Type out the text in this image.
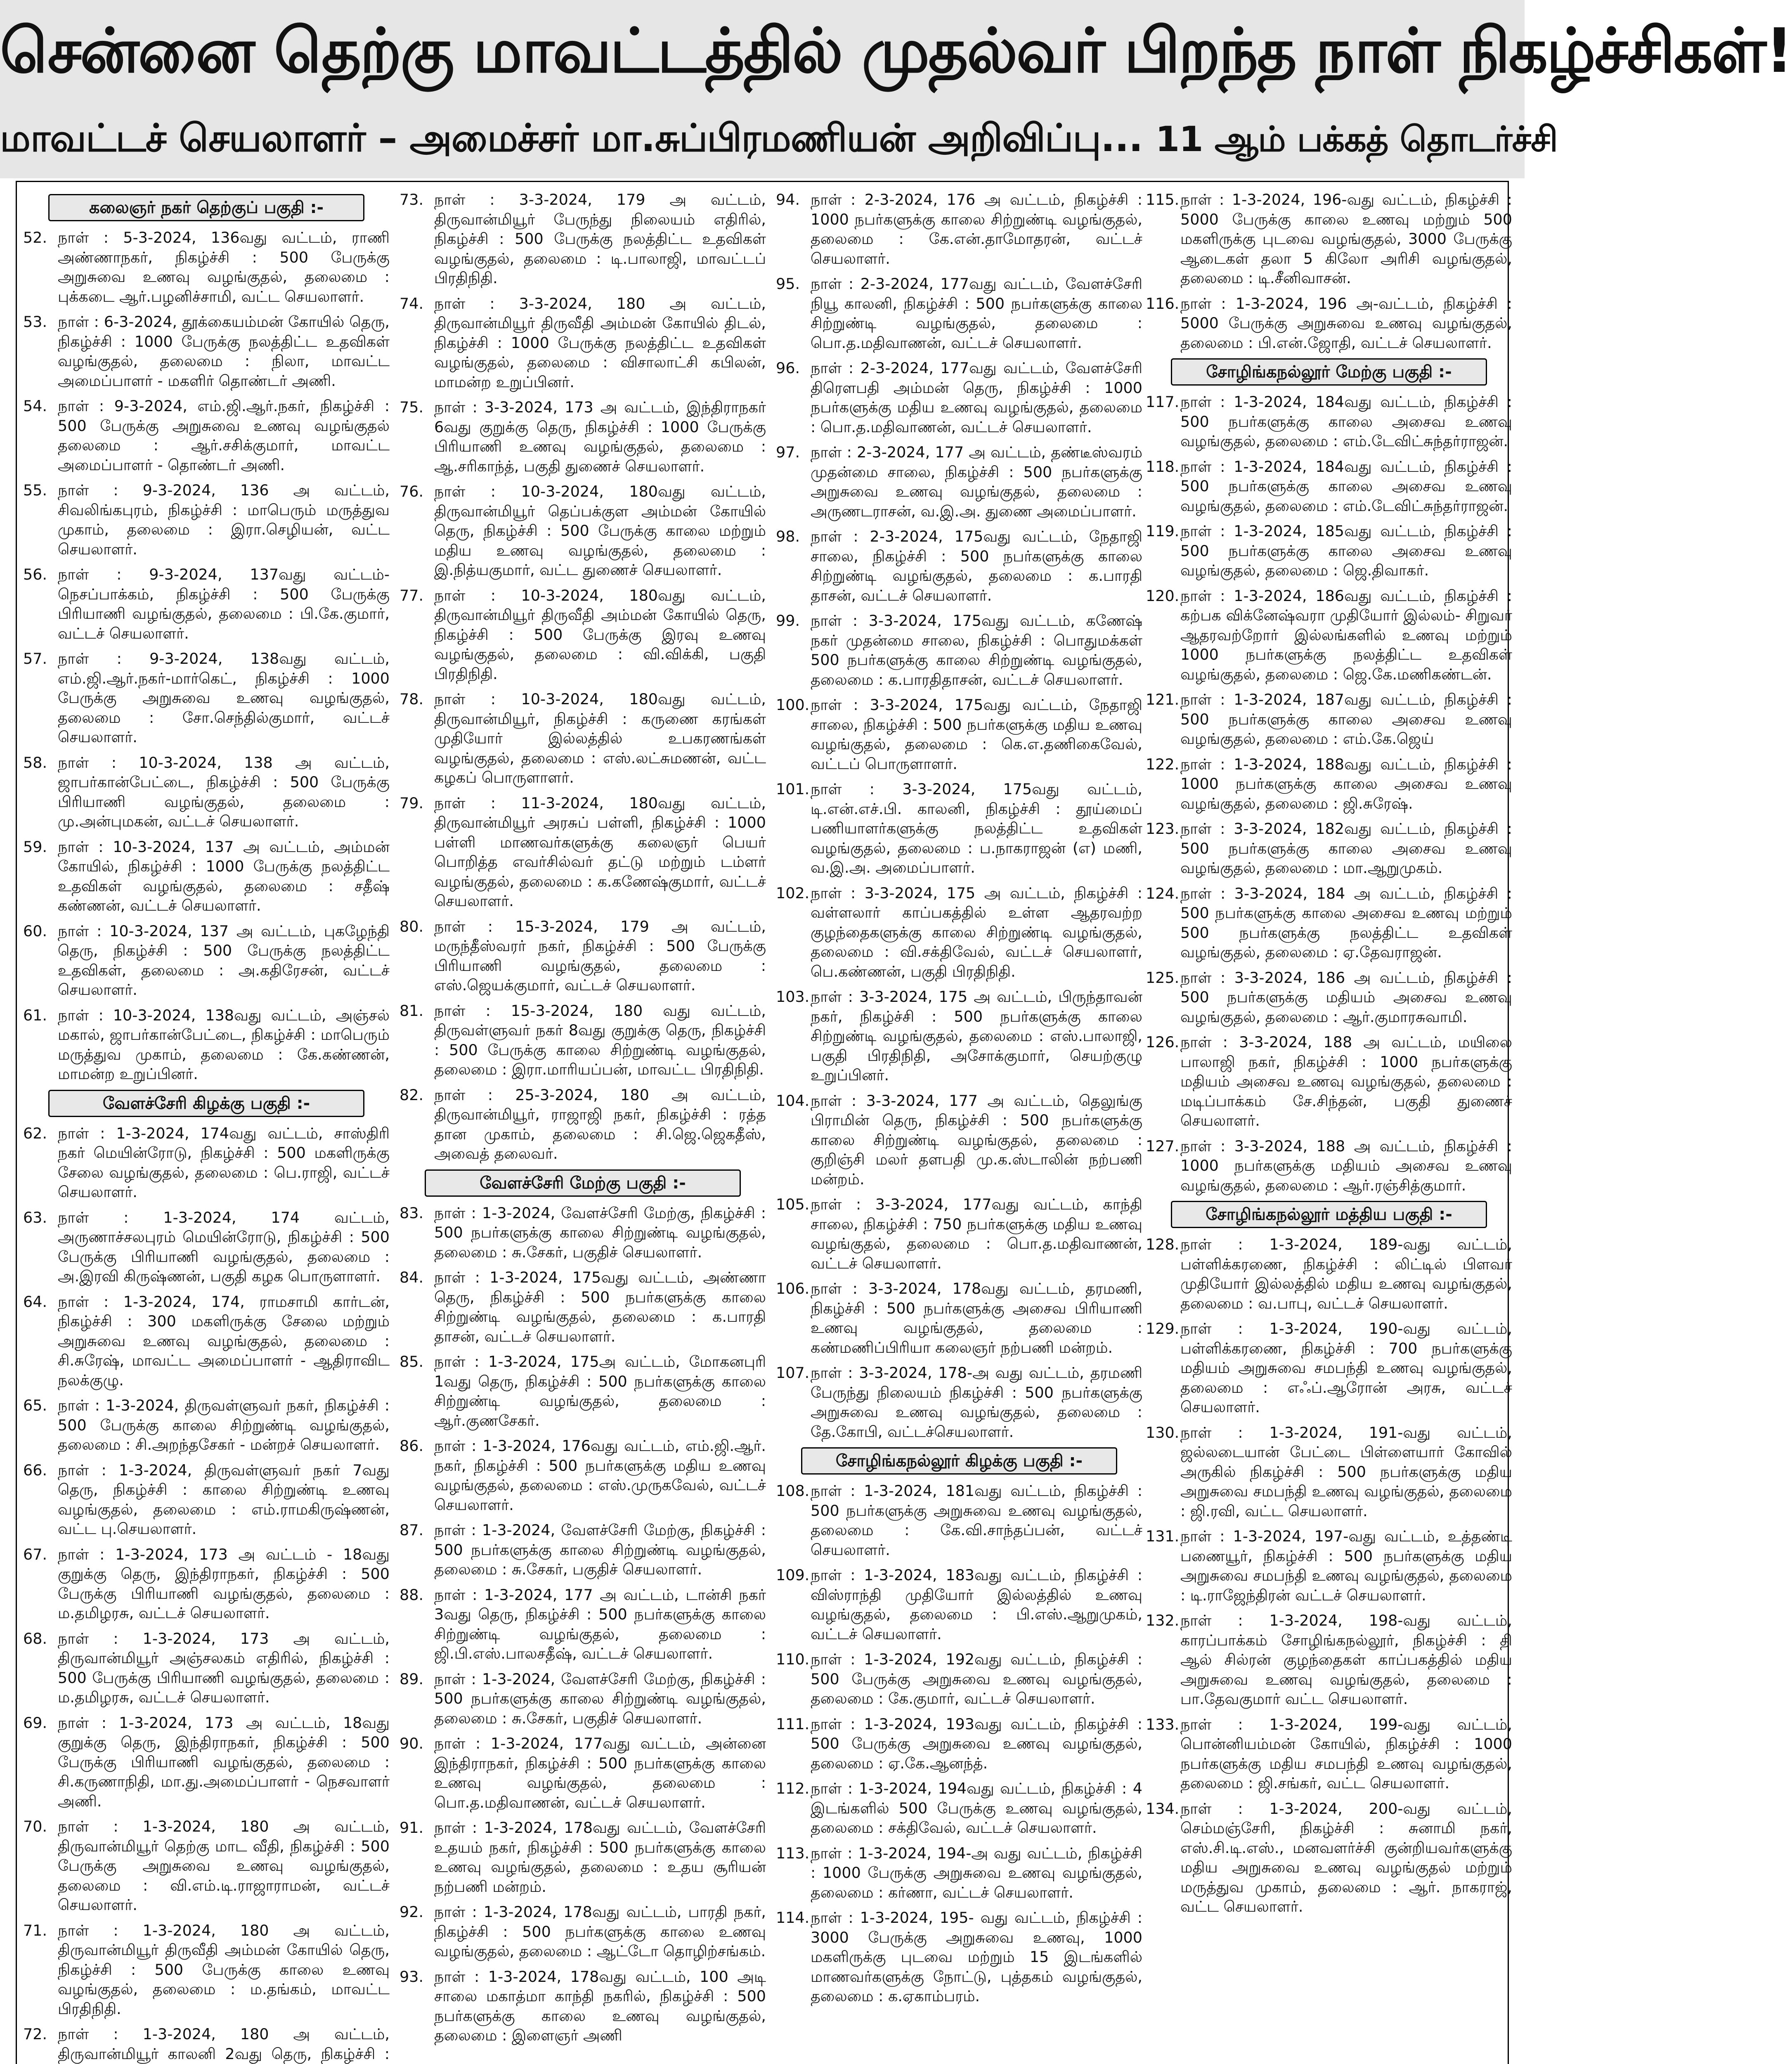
சென்னை தெற்கு மாவட்டத்தில் முதல்வர் பிறந்த நாள் நிகழ்ச்சிகள்!
மாவட்டச் செயலாளர் – அமைச்சர் மா.சுப்பிரமணியன் அறிவிப்பு... 11 ஆம் பக்கத் தொடர்ச்சி
கலைஞர் நகர் தெற்குப் பகுதி :-
52. நாள் : 5-3-2024, 136வது வட்டம், ராணி அண்ணாநகர், நிகழ்ச்சி : 500 பேருக்கு அறுசுவை உணவு வழங்குதல், தலைமை : புக்கடை ஆர்.பழனிச்சாமி, வட்ட செயலாளர்.
53. நாள் : 6-3-2024, தூக்கையம்மன் கோயில் தெரு, நிகழ்ச்சி : 1000 பேருக்கு நலத்திட்ட உதவிகள் வழங்குதல், தலைமை : நிலா, மாவட்ட அமைப்பாளர் - மகளிர் தொண்டர் அணி.
54. நாள் : 9-3-2024, எம்.ஜி.ஆர்.நகர், நிகழ்ச்சி : 500 பேருக்கு அறுசுவை உணவு வழங்குதல் தலைமை : ஆர்.சசிக்குமார், மாவட்ட அமைப்பாளர் - தொண்டர் அணி.
55. நாள் : 9-3-2024, 136 அ வட்டம், சிவலிங்கபுரம், நிகழ்ச்சி : மாபெரும் மருத்துவ முகாம், தலைமை : இரா.செழியன், வட்ட செயலாளர்.
56. நாள் : 9-3-2024, 137வது வட்டம்- நெசப்பாக்கம், நிகழ்ச்சி : 500 பேருக்கு பிரியாணி வழங்குதல், தலைமை : பி.கே.குமார், வட்டச் செயலாளர்.
57. நாள் : 9-3-2024, 138வது வட்டம், எம்.ஜி.ஆர்.நகர்-மார்கெட், நிகழ்ச்சி : 1000 பேருக்கு அறுசுவை உணவு வழங்குதல், தலைமை : சோ.செந்தில்குமார், வட்டச் செயலாளர்.
58. நாள் : 10-3-2024, 138 அ வட்டம், ஜாபர்கான்பேட்டை, நிகழ்ச்சி : 500 பேருக்கு பிரியாணி வழங்குதல், தலைமை : மு.அன்புமகன், வட்டச் செயலாளர்.
59. நாள் : 10-3-2024, 137 அ வட்டம், அம்மன் கோயில், நிகழ்ச்சி : 1000 பேருக்கு நலத்திட்ட உதவிகள் வழங்குதல், தலைமை : சதீஷ் கண்ணன், வட்டச் செயலாளர்.
60. நாள் : 10-3-2024, 137 அ வட்டம், புகழேந்தி தெரு, நிகழ்ச்சி : 500 பேருக்கு நலத்திட்ட உதவிகள், தலைமை : அ.கதிரேசன், வட்டச் செயலாளர்.
61. நாள் : 10-3-2024, 138வது வட்டம், அஞ்சல் மகால், ஜாபர்கான்பேட்டை, நிகழ்ச்சி : மாபெரும் மருத்துவ முகாம், தலைமை : கே.கண்ணன், மாமன்ற உறுப்பினர்.
வேளச்சேரி கிழக்கு பகுதி :-
62. நாள் : 1-3-2024, 174வது வட்டம், சாஸ்திரி நகர் மெயின்ரோடு, நிகழ்ச்சி : 500 மகளிருக்கு சேலை வழங்குதல், தலைமை : பெ.ராஜி, வட்டச் செயலாளர்.
63. நாள் : 1-3-2024, 174 வட்டம், அருணாச்சலபுரம் மெயின்ரோடு, நிகழ்ச்சி : 500 பேருக்கு பிரியாணி வழங்குதல், தலைமை : அ.இரவி கிருஷ்ணன், பகுதி கழக பொருளாளர்.
64. நாள் : 1-3-2024, 174, ராமசாமி கார்டன், நிகழ்ச்சி : 300 மகளிருக்கு சேலை மற்றும் அறுசுவை உணவு வழங்குதல், தலைமை : சி.சுரேஷ், மாவட்ட அமைப்பாளர் - ஆதிராவிட நலக்குழு.
65. நாள் : 1-3-2024, திருவள்ளுவர் நகர், நிகழ்ச்சி : 500 பேருக்கு காலை சிற்றுண்டி வழங்குதல், தலைமை : சி.அறந்தசேகர் - மன்றச் செயலாளர்.
66. நாள் : 1-3-2024, திருவள்ளுவர் நகர் 7வது தெரு, நிகழ்ச்சி : காலை சிற்றுண்டி உணவு வழங்குதல், தலைமை : எம்.ராமகிருஷ்ணன், வட்ட பு.செயலாளர்.
67. நாள் : 1-3-2024, 173 அ வட்டம் - 18வது குறுக்கு தெரு, இந்திராநகர், நிகழ்ச்சி : 500 பேருக்கு பிரியாணி வழங்குதல், தலைமை : ம.தமிழரசு, வட்டச் செயலாளர்.
68. நாள் : 1-3-2024, 173 அ வட்டம், திருவான்மியூர் அஞ்சலகம் எதிரில், நிகழ்ச்சி : 500 பேருக்கு பிரியாணி வழங்குதல், தலைமை : ம.தமிழரசு, வட்டச் செயலாளர்.
69. நாள் : 1-3-2024, 173 அ வட்டம், 18வது குறுக்கு தெரு, இந்திராநகர், நிகழ்ச்சி : 500 பேருக்கு பிரியாணி வழங்குதல், தலைமை : சி.கருணாநிதி, மா.து.அமைப்பாளர் - நெசவாளர் அணி.
70. நாள் : 1-3-2024, 180 அ வட்டம், திருவான்மியூர் தெற்கு மாட வீதி, நிகழ்ச்சி : 500 பேருக்கு அறுசுவை உணவு வழங்குதல், தலைமை : வி.எம்.டி.ராஜாராமன், வட்டச் செயலாளர்.
71. நாள் : 1-3-2024, 180 அ வட்டம், திருவான்மியூர் திருவீதி அம்மன் கோயில் தெரு, நிகழ்ச்சி : 500 பேருக்கு காலை உணவு வழங்குதல், தலைமை : ம.தங்கம், மாவட்ட பிரதிநிதி.
72. நாள் : 1-3-2024, 180 அ வட்டம், திருவான்மியூர் காலனி 2வது தெரு, நிகழ்ச்சி :
73. நாள் : 3-3-2024, 179 அ வட்டம், திருவான்மியூர் பேருந்து நிலையம் எதிரில், நிகழ்ச்சி : 500 பேருக்கு நலத்திட்ட உதவிகள் வழங்குதல், தலைமை : டி.பாலாஜி, மாவட்டப் பிரதிநிதி.
74. நாள் : 3-3-2024, 180 அ வட்டம், திருவான்மியூர் திருவீதி அம்மன் கோயில் திடல், நிகழ்ச்சி : 1000 பேருக்கு நலத்திட்ட உதவிகள் வழங்குதல், தலைமை : விசாலாட்சி கபிலன், மாமன்ற உறுப்பினர்.
75. நாள் : 3-3-2024, 173 அ வட்டம், இந்திராநகர் 6வது குறுக்கு தெரு, நிகழ்ச்சி : 1000 பேருக்கு பிரியாணி உணவு வழங்குதல், தலைமை : ஆ.சரிகாந்த், பகுதி துணைச் செயலாளர்.
76. நாள் : 10-3-2024, 180வது வட்டம், திருவான்மியூர் தெப்பக்குள அம்மன் கோயில் தெரு, நிகழ்ச்சி : 500 பேருக்கு காலை மற்றும் மதிய உணவு வழங்குதல், தலைமை : இ.நித்யகுமார், வட்ட துணைச் செயலாளர்.
77. நாள் : 10-3-2024, 180வது வட்டம், திருவான்மியூர் திருவீதி அம்மன் கோயில் தெரு, நிகழ்ச்சி : 500 பேருக்கு இரவு உணவு வழங்குதல், தலைமை : வி.விக்கி, பகுதி பிரதிநிதி.
78. நாள் : 10-3-2024, 180வது வட்டம், திருவான்மியூர், நிகழ்ச்சி : கருணை கரங்கள் முதியோர் இல்லத்தில் உபகரணங்கள் வழங்குதல், தலைமை : எஸ்.லட்சுமணன், வட்ட கழகப் பொருளாளர்.
79. நாள் : 11-3-2024, 180வது வட்டம், திருவான்மியூர் அரசுப் பள்ளி, நிகழ்ச்சி : 1000 பள்ளி மாணவர்களுக்கு கலைஞர் பெயர் பொறித்த எவர்சில்வர் தட்டு மற்றும் டம்ளர் வழங்குதல், தலைமை : க.கணேஷ்குமார், வட்டச் செயலாளர்.
80. நாள் : 15-3-2024, 179 அ வட்டம், மருந்தீஸ்வரர் நகர், நிகழ்ச்சி : 500 பேருக்கு பிரியாணி வழங்குதல், தலைமை : எஸ்.ஜெயக்குமார், வட்டச் செயலாளர்.
81. நாள் : 15-3-2024, 180 வது வட்டம், திருவள்ளுவர் நகர் 8வது குறுக்கு தெரு, நிகழ்ச்சி : 500 பேருக்கு காலை சிற்றுண்டி வழங்குதல், தலைமை : இரா.மாரியப்பன், மாவட்ட பிரதிநிதி.
82. நாள் : 25-3-2024, 180 அ வட்டம், திருவான்மியூர், ராஜாஜி நகர், நிகழ்ச்சி : ரத்த தான முகாம், தலைமை : சி.ஜெ.ஜெகதீஸ், அவைத் தலைவர்.
வேளச்சேரி மேற்கு பகுதி :-
83. நாள் : 1-3-2024, வேளச்சேரி மேற்கு, நிகழ்ச்சி : 500 நபர்களுக்கு காலை சிற்றுண்டி வழங்குதல், தலைமை : சு.சேகர், பகுதிச் செயலாளர்.
84. நாள் : 1-3-2024, 175வது வட்டம், அண்ணா தெரு, நிகழ்ச்சி : 500 நபர்களுக்கு காலை சிற்றுண்டி வழங்குதல், தலைமை : க.பாரதி தாசன், வட்டச் செயலாளர்.
85. நாள் : 1-3-2024, 175அ வட்டம், மோகனபுரி 1வது தெரு, நிகழ்ச்சி : 500 நபர்களுக்கு காலை சிற்றுண்டி வழங்குதல், தலைமை : ஆர்.குணசேகர்.
86. நாள் : 1-3-2024, 176வது வட்டம், எம்.ஜி.ஆர். நகர், நிகழ்ச்சி : 500 நபர்களுக்கு மதிய உணவு வழங்குதல், தலைமை : எஸ்.முருகவேல், வட்டச் செயலாளர்.
87. நாள் : 1-3-2024, வேளச்சேரி மேற்கு, நிகழ்ச்சி : 500 நபர்களுக்கு காலை சிற்றுண்டி வழங்குதல், தலைமை : சு.சேகர், பகுதிச் செயலாளர்.
88. நாள் : 1-3-2024, 177 அ வட்டம், டான்சி நகர் 3வது தெரு, நிகழ்ச்சி : 500 நபர்களுக்கு காலை சிற்றுண்டி வழங்குதல், தலைமை : ஜி.பி.எஸ்.பாலசதீஷ், வட்டச் செயலாளர்.
89. நாள் : 1-3-2024, வேளச்சேரி மேற்கு, நிகழ்ச்சி : 500 நபர்களுக்கு காலை சிற்றுண்டி வழங்குதல், தலைமை : சு.சேகர், பகுதிச் செயலாளர்.
90. நாள் : 1-3-2024, 177வது வட்டம், அன்னை இந்திராநகர், நிகழ்ச்சி : 500 நபர்களுக்கு காலை உணவு வழங்குதல், தலைமை : பொ.த.மதிவாணன், வட்டச் செயலாளர்.
91. நாள் : 1-3-2024, 178வது வட்டம், வேளச்சேரி உதயம் நகர், நிகழ்ச்சி : 500 நபர்களுக்கு காலை உணவு வழங்குதல், தலைமை : உதய சூரியன் நற்பணி மன்றம்.
92. நாள் : 1-3-2024, 178வது வட்டம், பாரதி நகர், நிகழ்ச்சி : 500 நபர்களுக்கு காலை உணவு வழங்குதல், தலைமை : ஆட்டோ தொழிற்சங்கம்.
93. நாள் : 1-3-2024, 178வது வட்டம், 100 அடி சாலை மகாத்மா காந்தி நகரில், நிகழ்ச்சி : 500 நபர்களுக்கு காலை உணவு வழங்குதல், தலைமை : இளைஞர் அணி
94. நாள் : 2-3-2024, 176 அ வட்டம், நிகழ்ச்சி : 1000 நபர்களுக்கு காலை சிற்றுண்டி வழங்குதல், தலைமை : கே.என்.தாமோதரன், வட்டச் செயலாளர்.
95. நாள் : 2-3-2024, 177வது வட்டம், வேளச்சேரி நியூ காலனி, நிகழ்ச்சி : 500 நபர்களுக்கு காலை சிற்றுண்டி வழங்குதல், தலைமை : பொ.த.மதிவாணன், வட்டச் செயலாளர்.
96. நாள் : 2-3-2024, 177வது வட்டம், வேளச்சேரி திரௌபதி அம்மன் தெரு, நிகழ்ச்சி : 1000 நபர்களுக்கு மதிய உணவு வழங்குதல், தலைமை : பொ.த.மதிவாணன், வட்டச் செயலாளர்.
97. நாள் : 2-3-2024, 177 அ வட்டம், தண்டீஸ்வரம் முதன்மை சாலை, நிகழ்ச்சி : 500 நபர்களுக்கு அறுசுவை உணவு வழங்குதல், தலைமை : அருணடராசன், வ.இ.அ. துணை அமைப்பாளர்.
98. நாள் : 2-3-2024, 175வது வட்டம், நேதாஜி சாலை, நிகழ்ச்சி : 500 நபர்களுக்கு காலை சிற்றுண்டி வழங்குதல், தலைமை : க.பாரதி தாசன், வட்டச் செயலாளர்.
99. நாள் : 3-3-2024, 175வது வட்டம், கணேஷ் நகர் முதன்மை சாலை, நிகழ்ச்சி : பொதுமக்கள் 500 நபர்களுக்கு காலை சிற்றுண்டி வழங்குதல், தலைமை : க.பாரதிதாசன், வட்டச் செயலாளர்.
100. நாள் : 3-3-2024, 175வது வட்டம், நேதாஜி சாலை, நிகழ்ச்சி : 500 நபர்களுக்கு மதிய உணவு வழங்குதல், தலைமை : கெ.எ.தணிகைவேல், வட்டப் பொருளாளர்.
101. நாள் : 3-3-2024, 175வது வட்டம், டி.என்.எச்.பி. காலனி, நிகழ்ச்சி : தூய்மைப் பணியாளர்களுக்கு நலத்திட்ட உதவிகள் வழங்குதல், தலைமை : ப.நாகராஜன் (எ) மணி, வ.இ.அ. அமைப்பாளர்.
102. நாள் : 3-3-2024, 175 அ வட்டம், நிகழ்ச்சி : வள்ளலார் காப்பகத்தில் உள்ள ஆதரவற்ற குழந்தைகளுக்கு காலை சிற்றுண்டி வழங்குதல், தலைமை : வி.சக்திவேல், வட்டச் செயலாளர், பெ.கண்ணன், பகுதி பிரதிநிதி.
103. நாள் : 3-3-2024, 175 அ வட்டம், பிருந்தாவன் நகர், நிகழ்ச்சி : 500 நபர்களுக்கு காலை சிற்றுண்டி வழங்குதல், தலைமை : எஸ்.பாலாஜி, பகுதி பிரதிநிதி, அசோக்குமார், செயற்குழு உறுப்பினர்.
104. நாள் : 3-3-2024, 177 அ வட்டம், தெலுங்கு பிராமின் தெரு, நிகழ்ச்சி : 500 நபர்களுக்கு காலை சிற்றுண்டி வழங்குதல், தலைமை : குறிஞ்சி மலர் தளபதி மு.க.ஸ்டாலின் நற்பணி மன்றம்.
105. நாள் : 3-3-2024, 177வது வட்டம், காந்தி சாலை, நிகழ்ச்சி : 750 நபர்களுக்கு மதிய உணவு வழங்குதல், தலைமை : பொ.த.மதிவாணன், வட்டச் செயலாளர்.
106. நாள் : 3-3-2024, 178வது வட்டம், தரமணி, நிகழ்ச்சி : 500 நபர்களுக்கு அசைவ பிரியாணி உணவு வழங்குதல், தலைமை : கண்மணிப்பிரியா கலைஞர் நற்பணி மன்றம்.
107. நாள் : 3-3-2024, 178-அ வது வட்டம், தரமணி பேருந்து நிலையம் நிகழ்ச்சி : 500 நபர்களுக்கு அறுசுவை உணவு வழங்குதல், தலைமை : தே.கோபி, வட்டச்செயலாளர்.
சோழிங்கநல்லூர் கிழக்கு பகுதி :-
108. நாள் : 1-3-2024, 181வது வட்டம், நிகழ்ச்சி : 500 நபர்களுக்கு அறுசுவை உணவு வழங்குதல், தலைமை : கே.வி.சாந்தப்பன், வட்டச் செயலாளர்.
109. நாள் : 1-3-2024, 183வது வட்டம், நிகழ்ச்சி : விஸ்ராந்தி முதியோர் இல்லத்தில் உணவு வழங்குதல், தலைமை : பி.எஸ்.ஆறுமுகம், வட்டச் செயலாளர்.
110. நாள் : 1-3-2024, 192வது வட்டம், நிகழ்ச்சி : 500 பேருக்கு அறுசுவை உணவு வழங்குதல், தலைமை : கே.குமார், வட்டச் செயலாளர்.
111. நாள் : 1-3-2024, 193வது வட்டம், நிகழ்ச்சி : 500 பேருக்கு அறுசுவை உணவு வழங்குதல், தலைமை : ஏ.கே.ஆனந்த்.
112. நாள் : 1-3-2024, 194வது வட்டம், நிகழ்ச்சி : 4 இடங்களில் 500 பேருக்கு உணவு வழங்குதல், தலைமை : சக்திவேல், வட்டச் செயலாளர்.
113. நாள் : 1-3-2024, 194-அ வது வட்டம், நிகழ்ச்சி : 1000 பேருக்கு அறுசுவை உணவு வழங்குதல், தலைமை : கர்ணா, வட்டச் செயலாளர்.
114. நாள் : 1-3-2024, 195- வது வட்டம், நிகழ்ச்சி : 3000 பேருக்கு அறுசுவை உணவு, 1000 மகளிருக்கு புடவை மற்றும் 15 இடங்களில் மாணவர்களுக்கு நோட்டு, புத்தகம் வழங்குதல், தலைமை : க.ஏகாம்பரம்.
115. நாள் : 1-3-2024, 196-வது வட்டம், நிகழ்ச்சி : 5000 பேருக்கு காலை உணவு மற்றும் 500 மகளிருக்கு புடவை வழங்குதல், 3000 பேருக்கு ஆடைகள் தலா 5 கிலோ அரிசி வழங்குதல், தலைமை : டி.சீனிவாசன்.
116. நாள் : 1-3-2024, 196 அ-வட்டம், நிகழ்ச்சி : 5000 பேருக்கு அறுசுவை உணவு வழங்குதல், தலைமை : பி.என்.ஜோதி, வட்டச் செயலாளர்.
சோழிங்கநல்லூர் மேற்கு பகுதி :-
117. நாள் : 1-3-2024, 184வது வட்டம், நிகழ்ச்சி : 500 நபர்களுக்கு காலை அசைவ உணவு வழங்குதல், தலைமை : எம்.டேவிட்சுந்தர்ராஜன்.
118. நாள் : 1-3-2024, 184வது வட்டம், நிகழ்ச்சி : 500 நபர்களுக்கு காலை அசைவ உணவு வழங்குதல், தலைமை : எம்.டேவிட்சுந்தர்ராஜன்.
119. நாள் : 1-3-2024, 185வது வட்டம், நிகழ்ச்சி : 500 நபர்களுக்கு காலை அசைவ உணவு வழங்குதல், தலைமை : ஜெ.திவாகர்.
120. நாள் : 1-3-2024, 186வது வட்டம், நிகழ்ச்சி : கற்பக விக்னேஷ்வரா முதியோர் இல்லம்- சிறுவர் ஆதரவற்றோர் இல்லங்களில் உணவு மற்றும் 1000 நபர்களுக்கு நலத்திட்ட உதவிகள் வழங்குதல், தலைமை : ஜெ.கே.மணிகண்டன்.
121. நாள் : 1-3-2024, 187வது வட்டம், நிகழ்ச்சி : 500 நபர்களுக்கு காலை அசைவ உணவு வழங்குதல், தலைமை : எம்.கே.ஜெய்
122. நாள் : 1-3-2024, 188வது வட்டம், நிகழ்ச்சி : 1000 நபர்களுக்கு காலை அசைவ உணவு வழங்குதல், தலைமை : ஜி.சுரேஷ்.
123. நாள் : 3-3-2024, 182வது வட்டம், நிகழ்ச்சி : 500 நபர்களுக்கு காலை அசைவ உணவு வழங்குதல், தலைமை : மா.ஆறுமுகம்.
124. நாள் : 3-3-2024, 184 அ வட்டம், நிகழ்ச்சி : 500 நபர்களுக்கு காலை அசைவ உணவு மற்றும் 500 நபர்களுக்கு நலத்திட்ட உதவிகள் வழங்குதல், தலைமை : ஏ.தேவராஜன்.
125. நாள் : 3-3-2024, 186 அ வட்டம், நிகழ்ச்சி : 500 நபர்களுக்கு மதியம் அசைவ உணவு வழங்குதல், தலைமை : ஆர்.குமாரசுவாமி.
126. நாள் : 3-3-2024, 188 அ வட்டம், மயிலை பாலாஜி நகர், நிகழ்ச்சி : 1000 நபர்களுக்கு மதியம் அசைவ உணவு வழங்குதல், தலைமை : மடிப்பாக்கம் சே.சிந்தன், பகுதி துணைச் செயலாளர்.
127. நாள் : 3-3-2024, 188 அ வட்டம், நிகழ்ச்சி : 1000 நபர்களுக்கு மதியம் அசைவ உணவு வழங்குதல், தலைமை : ஆர்.ரஞ்சித்குமார்.
சோழிங்கநல்லூர் மத்திய பகுதி :-
128. நாள் : 1-3-2024, 189-வது வட்டம், பள்ளிக்கரணை, நிகழ்ச்சி : லிட்டில் பிளவர் முதியோர் இல்லத்தில் மதிய உணவு வழங்குதல், தலைமை : வ.பாபு, வட்டச் செயலாளர்.
129. நாள் : 1-3-2024, 190-வது வட்டம், பள்ளிக்கரணை, நிகழ்ச்சி : 700 நபர்களுக்கு மதியம் அறுசுவை சமபந்தி உணவு வழங்குதல், தலைமை : எஃப்.ஆரோன் அரசு, வட்டச் செயலாளர்.
130. நாள் : 1-3-2024, 191-வது வட்டம், ஜல்லடையான் பேட்டை பிள்ளையார் கோவில் அருகில் நிகழ்ச்சி : 500 நபர்களுக்கு மதிய அறுசுவை சமபந்தி உணவு வழங்குதல், தலைமை : ஜி.ரவி, வட்ட செயலாளர்.
131. நாள் : 1-3-2024, 197-வது வட்டம், உத்தண்டி பணையூர், நிகழ்ச்சி : 500 நபர்களுக்கு மதிய அறுசுவை சமபந்தி உணவு வழங்குதல், தலைமை : டி.ராஜேந்திரன் வட்டச் செயலாளர்.
132. நாள் : 1-3-2024, 198-வது வட்டம், காரப்பாக்கம் சோழிங்கநல்லூர், நிகழ்ச்சி : தி ஆல் சில்ரன் குழந்தைகள் காப்பகத்தில் மதிய அறுசுவை உணவு வழங்குதல், தலைமை : பா.தேவகுமார் வட்ட செயலாளர்.
133. நாள் : 1-3-2024, 199-வது வட்டம், பொன்னியம்மன் கோயில், நிகழ்ச்சி : 1000 நபர்களுக்கு மதிய சமபந்தி உணவு வழங்குதல், தலைமை : ஜி.சங்கர், வட்ட செயலாளர்.
134. நாள் : 1-3-2024, 200-வது வட்டம், செம்மஞ்சேரி, நிகழ்ச்சி : சுனாமி நகர், எஸ்.சி.டி.எஸ்., மனவளர்ச்சி குன்றியவர்களுக்கு மதிய அறுசுவை உணவு வழங்குதல் மற்றும் மருத்துவ முகாம், தலைமை : ஆர். நாகராஜ், வட்ட செயலாளர்.
